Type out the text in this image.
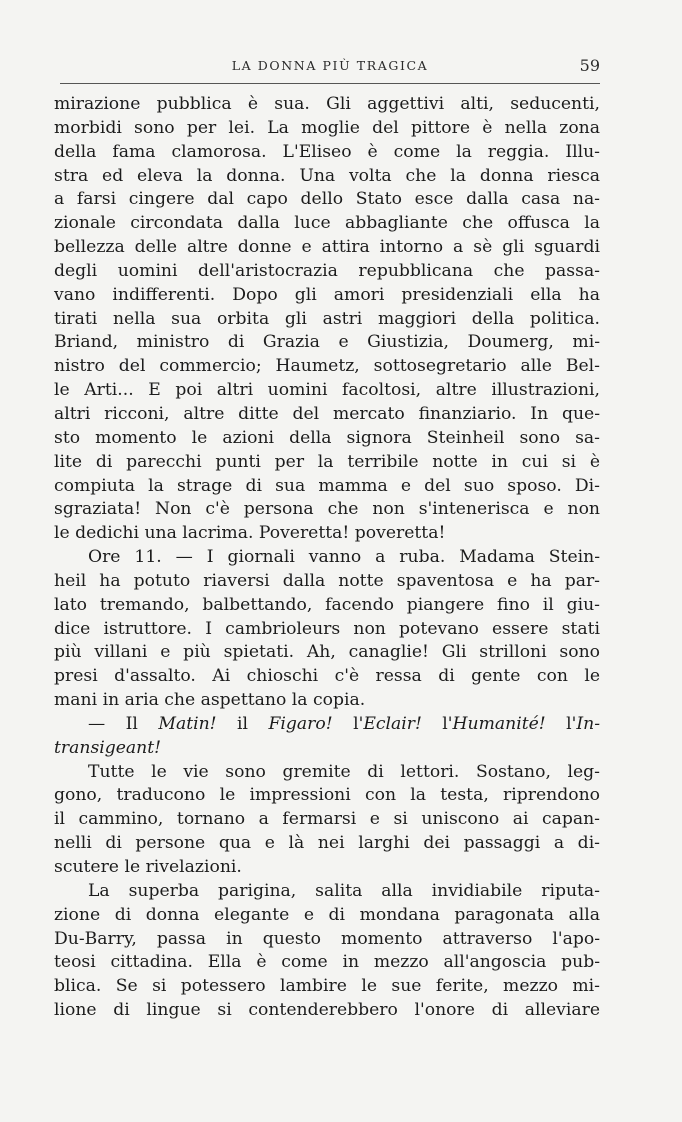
LA DONNA PIÙ TRAGICA	59
mirazione pubblica è sua. Gli aggettivi alti, seducenti,
morbidi sono per lei. La moglie del pittore è nella zona
della fama clamorosa. L'Eliseo è come la reggia. Illu-
stra ed eleva la donna. Una volta che la donna riesca
a farsi cingere dal capo dello Stato esce dalla casa na-
zionale circondata dalla luce abbagliante che offusca la
bellezza delle altre donne e attira intorno a sè gli sguardi
degli uomini dell'aristocrazia repubblicana che passa-
vano indifferenti. Dopo gli amori presidenziali ella ha
tirati nella sua orbita gli astri maggiori della politica.
Briand, ministro di Grazia e Giustizia, Doumerg, mi-
nistro del commercio; Haumetz, sottosegretario alle Bel-
le Arti... E poi altri uomini facoltosi, altre illustrazioni,
altri ricconi, altre ditte del mercato finanziario. In que-
sto momento le azioni della signora Steinheil sono sa-
lite di parecchi punti per la terribile notte in cui si è
compiuta la strage di sua mamma e del suo sposo. Di-
sgraziata! Non c'è persona che non s'intenerisca e non
le dedichi una lacrima. Poveretta! poveretta!
Ore 11. — I giornali vanno a ruba. Madama Stein-
heil ha potuto riaversi dalla notte spaventosa e ha par-
lato tremando, balbettando, facendo piangere fino il giu-
dice istruttore. I cambrioleurs non potevano essere stati
più villani e più spietati. Ah, canaglie! Gli strilloni sono
presi d'assalto. Ai chioschi c'è ressa di gente con le
mani in aria che aspettano la copia.
— Il Matin! il Figaro! l'Eclair! l'Humanité! l'In-
transigeant!
Tutte le vie sono gremite di lettori. Sostano, leg-
gono, traducono le impressioni con la testa, riprendono
il cammino, tornano a fermarsi e si uniscono ai capan-
nelli di persone qua e là nei larghi dei passaggi a di-
scutere le rivelazioni.
La superba parigina, salita alla invidiabile riputa-
zione di donna elegante e di mondana paragonata alla
Du-Barry, passa in questo momento attraverso l'apo-
teosi cittadina. Ella è come in mezzo all'angoscia pub-
blica. Se si potessero lambire le sue ferite, mezzo mi-
lione di lingue si contenderebbero l'onore di alleviare
